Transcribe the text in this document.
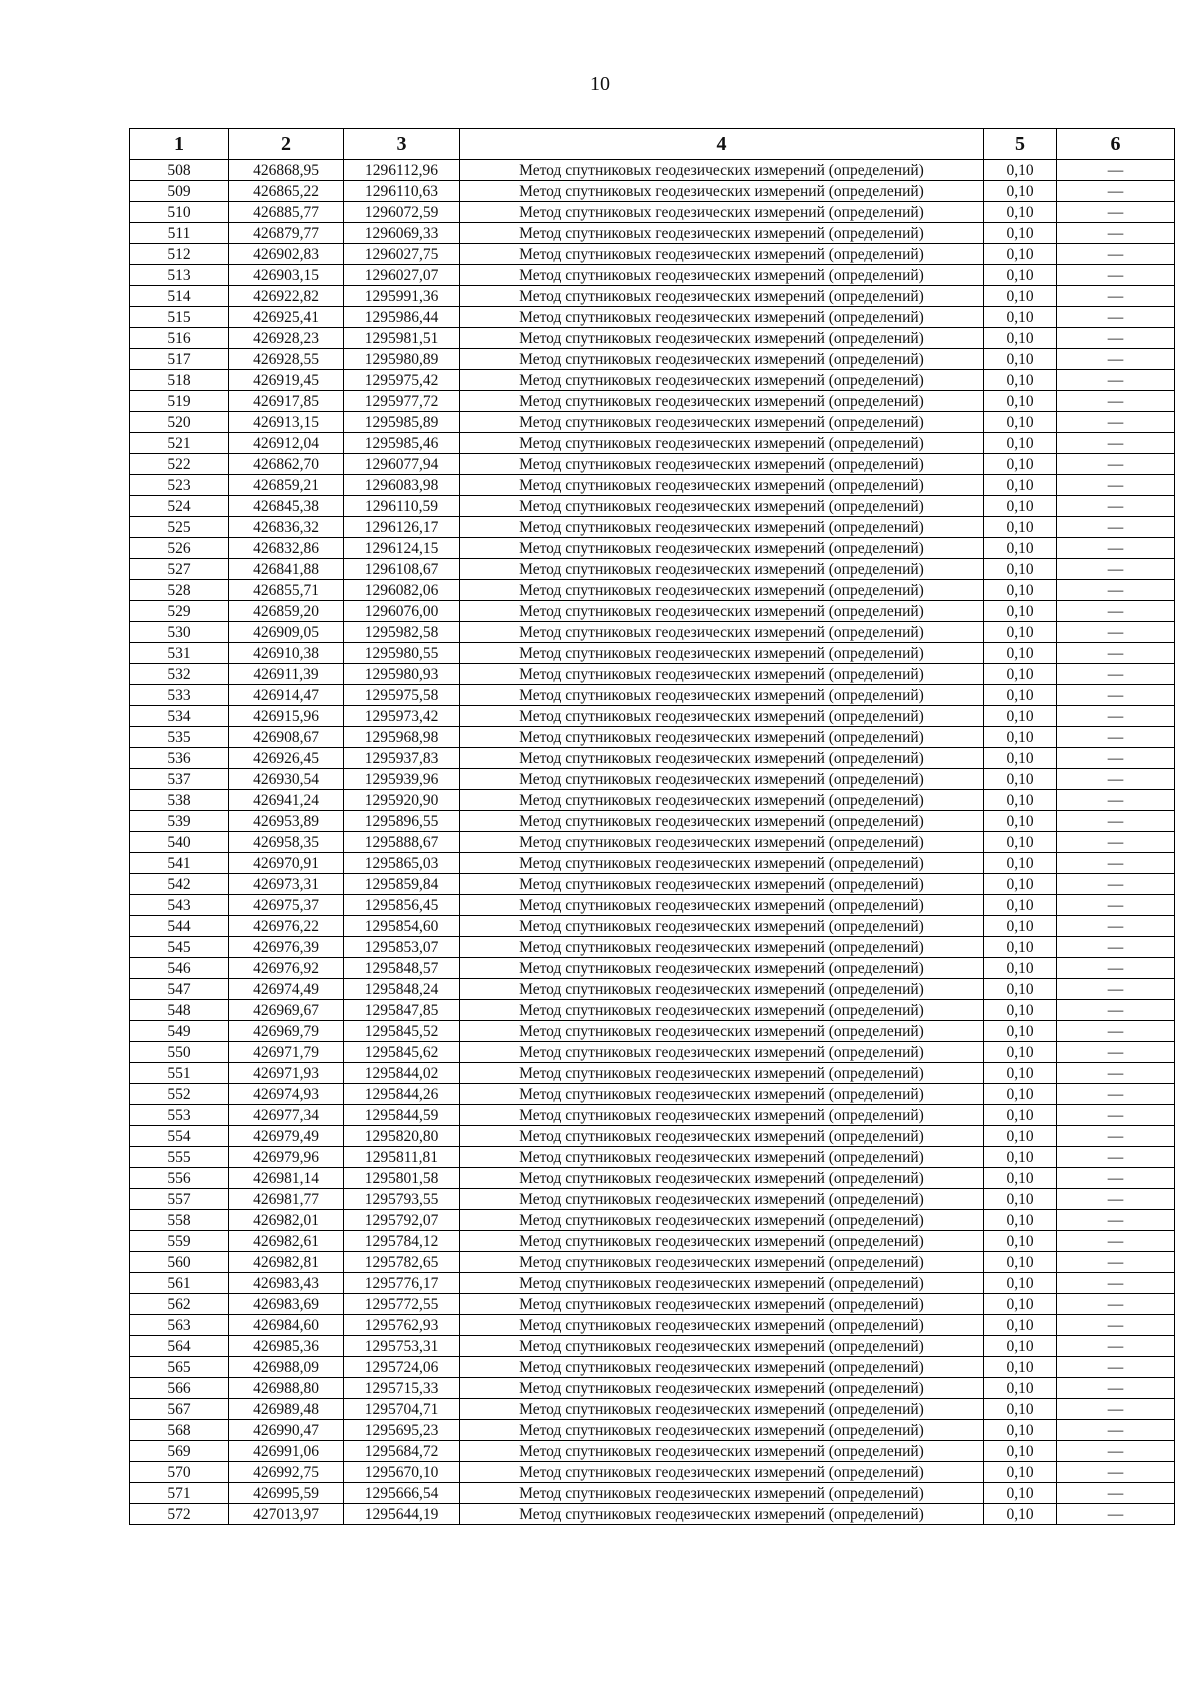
10
1	2	3	4	5	6
508	426868,95	1296112,96	Метод спутниковых геодезических измерений (определений)	0,10	—
509	426865,22	1296110,63	Метод спутниковых геодезических измерений (определений)	0,10	—
510	426885,77	1296072,59	Метод спутниковых геодезических измерений (определений)	0,10	—
511	426879,77	1296069,33	Метод спутниковых геодезических измерений (определений)	0,10	—
512	426902,83	1296027,75	Метод спутниковых геодезических измерений (определений)	0,10	—
513	426903,15	1296027,07	Метод спутниковых геодезических измерений (определений)	0,10	—
514	426922,82	1295991,36	Метод спутниковых геодезических измерений (определений)	0,10	—
515	426925,41	1295986,44	Метод спутниковых геодезических измерений (определений)	0,10	—
516	426928,23	1295981,51	Метод спутниковых геодезических измерений (определений)	0,10	—
517	426928,55	1295980,89	Метод спутниковых геодезических измерений (определений)	0,10	—
518	426919,45	1295975,42	Метод спутниковых геодезических измерений (определений)	0,10	—
519	426917,85	1295977,72	Метод спутниковых геодезических измерений (определений)	0,10	—
520	426913,15	1295985,89	Метод спутниковых геодезических измерений (определений)	0,10	—
521	426912,04	1295985,46	Метод спутниковых геодезических измерений (определений)	0,10	—
522	426862,70	1296077,94	Метод спутниковых геодезических измерений (определений)	0,10	—
523	426859,21	1296083,98	Метод спутниковых геодезических измерений (определений)	0,10	—
524	426845,38	1296110,59	Метод спутниковых геодезических измерений (определений)	0,10	—
525	426836,32	1296126,17	Метод спутниковых геодезических измерений (определений)	0,10	—
526	426832,86	1296124,15	Метод спутниковых геодезических измерений (определений)	0,10	—
527	426841,88	1296108,67	Метод спутниковых геодезических измерений (определений)	0,10	—
528	426855,71	1296082,06	Метод спутниковых геодезических измерений (определений)	0,10	—
529	426859,20	1296076,00	Метод спутниковых геодезических измерений (определений)	0,10	—
530	426909,05	1295982,58	Метод спутниковых геодезических измерений (определений)	0,10	—
531	426910,38	1295980,55	Метод спутниковых геодезических измерений (определений)	0,10	—
532	426911,39	1295980,93	Метод спутниковых геодезических измерений (определений)	0,10	—
533	426914,47	1295975,58	Метод спутниковых геодезических измерений (определений)	0,10	—
534	426915,96	1295973,42	Метод спутниковых геодезических измерений (определений)	0,10	—
535	426908,67	1295968,98	Метод спутниковых геодезических измерений (определений)	0,10	—
536	426926,45	1295937,83	Метод спутниковых геодезических измерений (определений)	0,10	—
537	426930,54	1295939,96	Метод спутниковых геодезических измерений (определений)	0,10	—
538	426941,24	1295920,90	Метод спутниковых геодезических измерений (определений)	0,10	—
539	426953,89	1295896,55	Метод спутниковых геодезических измерений (определений)	0,10	—
540	426958,35	1295888,67	Метод спутниковых геодезических измерений (определений)	0,10	—
541	426970,91	1295865,03	Метод спутниковых геодезических измерений (определений)	0,10	—
542	426973,31	1295859,84	Метод спутниковых геодезических измерений (определений)	0,10	—
543	426975,37	1295856,45	Метод спутниковых геодезических измерений (определений)	0,10	—
544	426976,22	1295854,60	Метод спутниковых геодезических измерений (определений)	0,10	—
545	426976,39	1295853,07	Метод спутниковых геодезических измерений (определений)	0,10	—
546	426976,92	1295848,57	Метод спутниковых геодезических измерений (определений)	0,10	—
547	426974,49	1295848,24	Метод спутниковых геодезических измерений (определений)	0,10	—
548	426969,67	1295847,85	Метод спутниковых геодезических измерений (определений)	0,10	—
549	426969,79	1295845,52	Метод спутниковых геодезических измерений (определений)	0,10	—
550	426971,79	1295845,62	Метод спутниковых геодезических измерений (определений)	0,10	—
551	426971,93	1295844,02	Метод спутниковых геодезических измерений (определений)	0,10	—
552	426974,93	1295844,26	Метод спутниковых геодезических измерений (определений)	0,10	—
553	426977,34	1295844,59	Метод спутниковых геодезических измерений (определений)	0,10	—
554	426979,49	1295820,80	Метод спутниковых геодезических измерений (определений)	0,10	—
555	426979,96	1295811,81	Метод спутниковых геодезических измерений (определений)	0,10	—
556	426981,14	1295801,58	Метод спутниковых геодезических измерений (определений)	0,10	—
557	426981,77	1295793,55	Метод спутниковых геодезических измерений (определений)	0,10	—
558	426982,01	1295792,07	Метод спутниковых геодезических измерений (определений)	0,10	—
559	426982,61	1295784,12	Метод спутниковых геодезических измерений (определений)	0,10	—
560	426982,81	1295782,65	Метод спутниковых геодезических измерений (определений)	0,10	—
561	426983,43	1295776,17	Метод спутниковых геодезических измерений (определений)	0,10	—
562	426983,69	1295772,55	Метод спутниковых геодезических измерений (определений)	0,10	—
563	426984,60	1295762,93	Метод спутниковых геодезических измерений (определений)	0,10	—
564	426985,36	1295753,31	Метод спутниковых геодезических измерений (определений)	0,10	—
565	426988,09	1295724,06	Метод спутниковых геодезических измерений (определений)	0,10	—
566	426988,80	1295715,33	Метод спутниковых геодезических измерений (определений)	0,10	—
567	426989,48	1295704,71	Метод спутниковых геодезических измерений (определений)	0,10	—
568	426990,47	1295695,23	Метод спутниковых геодезических измерений (определений)	0,10	—
569	426991,06	1295684,72	Метод спутниковых геодезических измерений (определений)	0,10	—
570	426992,75	1295670,10	Метод спутниковых геодезических измерений (определений)	0,10	—
571	426995,59	1295666,54	Метод спутниковых геодезических измерений (определений)	0,10	—
572	427013,97	1295644,19	Метод спутниковых геодезических измерений (определений)	0,10	—
